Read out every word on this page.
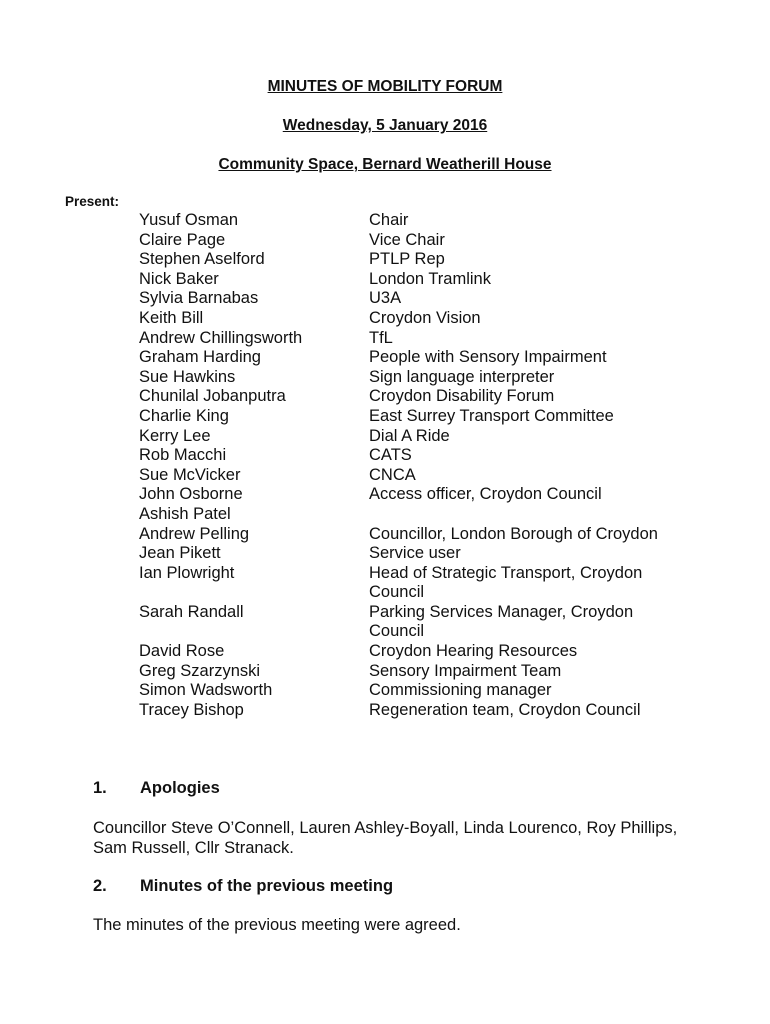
MINUTES OF MOBILITY FORUM
Wednesday, 5 January 2016
Community Space, Bernard Weatherill House
Present:
Yusuf Osman	Chair
Claire Page	Vice Chair
Stephen Aselford	PTLP Rep
Nick Baker	London Tramlink
Sylvia Barnabas	U3A
Keith Bill	Croydon Vision
Andrew Chillingsworth	TfL
Graham Harding	People with Sensory Impairment
Sue Hawkins	Sign language interpreter
Chunilal Jobanputra	Croydon Disability Forum
Charlie King	East Surrey Transport Committee
Kerry Lee	Dial A Ride
Rob Macchi	CATS
Sue McVicker	CNCA
John Osborne	Access officer, Croydon Council
Ashish Patel
Andrew Pelling	Councillor, London Borough of Croydon
Jean Pikett	Service user
Ian Plowright	Head of Strategic Transport, Croydon Council
Sarah Randall	Parking Services Manager, Croydon Council
David Rose	Croydon Hearing Resources
Greg Szarzynski	Sensory Impairment Team
Simon Wadsworth	Commissioning manager
Tracey Bishop	Regeneration team, Croydon Council
1.	Apologies
Councillor Steve O’Connell, Lauren Ashley-Boyall, Linda Lourenco, Roy Phillips, Sam Russell, Cllr Stranack.
2.	Minutes of the previous meeting
The minutes of the previous meeting were agreed.
